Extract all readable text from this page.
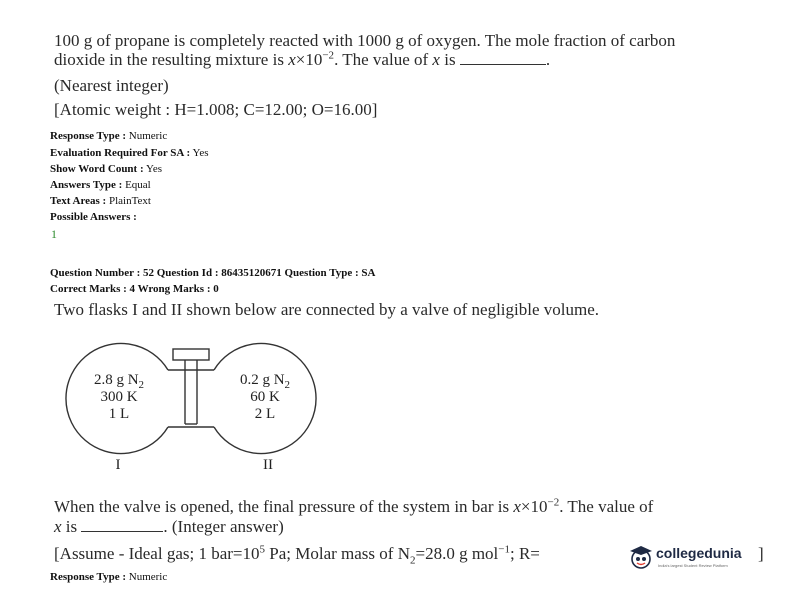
100 g of propane is completely reacted with 1000 g of oxygen. The mole fraction of carbon
dioxide in the resulting mixture is $x\times 10^{-2}$. The value of x is	.
(Nearest integer)
[Atomic weight : H=1.008; C=12.00; O=16.00]
Response Type : Numeric
Evaluation Required For SA : Yes
Show Word Count : Yes
Answers Type : Equal
Text Areas : PlainText
Possible Answers :
1
Question Number : 52 Question Id : 86435120671 Question Type : SA
Correct Marks : 4 Wrong Marks : 0
Two flasks I and II shown below are connected by a valve of negligible volume.
2.8 g $N_2$
300 K
1 L
I
0.2 g $N_2$
60 K
2 L
II
When the valve is opened, the final pressure of the system in bar is $x\times 10^{-2}$. The value of
x is	. (Integer answer)
[Assume - Ideal gas; 1 $bar=10^5$ Pa; Molar mass of $N_2=28.0$ g mol$^{-1}$; R=	]
Response Type : Numeric
collegedunia
India's largest Student Review Platform
